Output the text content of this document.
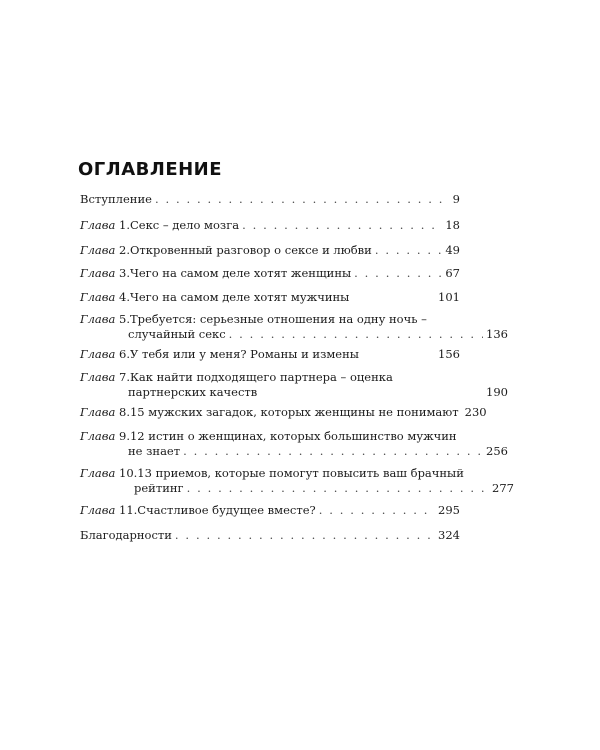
ОГЛАВЛЕНИЕ
Вступление . . .	9
Глава 1. Секс – дело мозга . . .	18
Глава 2. Откровенный разговор о сексе и любви . . .	49
Глава 3. Чего на самом деле хотят женщины . . .	67
Глава 4. Чего на самом деле хотят мужчины	101
Глава 5. Требуется: серьезные отношения на одну ночь –
случайный секс . . .	136
Глава 6. У тебя или у меня? Романы и измены	156
Глава 7. Как найти подходящего партнера – оценка
партнерских качеств	190
Глава 8. 15 мужских загадок, которых женщины не понимают 230
Глава 9. 12 истин о женщинах, которых большинство мужчин
не знает . . .	256
Глава 10. 13 приемов, которые помогут повысить ваш брачный
рейтинг . . .	277
Глава 11. Счастливое будущее вместе? . . .	295
Благодарности . . .	324
